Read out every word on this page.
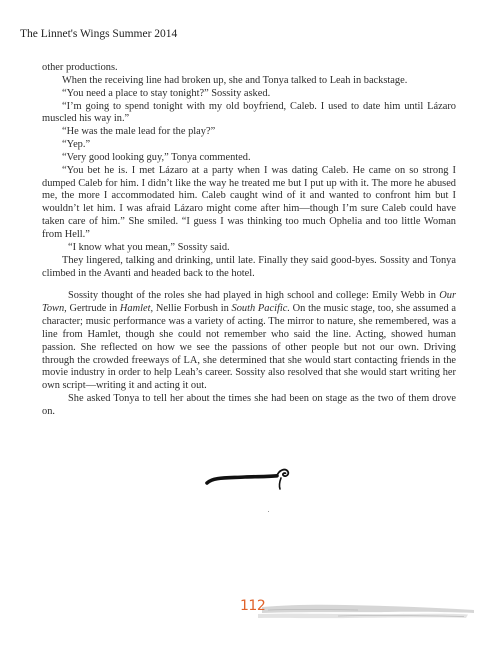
The Linnet's Wings Summer 2014

other productions.

When the receiving line had broken up, she and Tonya talked to Leah in backstage.

“You need a place to stay tonight?” Sossity asked.

“I’m going to spend tonight with my old boyfriend, Caleb. I used to date him until Lázaro muscled his way in.”

“He was the male lead for the play?”

“Yep.”

“Very good looking guy,” Tonya commented.

“You bet he is. I met Lázaro at a party when I was dating Caleb. He came on so strong I dumped Caleb for him. I didn’t like the way he treated me but I put up with it. The more he abused me, the more I accommodated him. Caleb caught wind of it and wanted to confront him but I wouldn’t let him. I was afraid Lázaro might come after him—though I’m sure Caleb could have taken care of him.” She smiled. “I guess I was thinking too much Ophelia and too little Woman from Hell.”

“I know what you mean,” Sossity said.

They lingered, talking and drinking, until late. Finally they said good-byes. Sossity and Tonya climbed in the Avanti and headed back to the hotel.

Sossity thought of the roles she had played in high school and college: Emily Webb in Our Town, Gertrude in Hamlet, Nellie Forbush in South Pacific. On the music stage, too, she assumed a character; music performance was a variety of acting. The mirror to nature, she remembered, was a line from Hamlet, though she could not remember who said the line. Acting, showed human passion. She reflected on how we see the passions of other people but not our own. Driving through the crowded freeways of LA, she determined that she would start contacting friends in the movie industry in order to help Leah’s career. Sossity also resolved that she would start writing her own script—writing it and acting it out.

She asked Tonya to tell her about the times she had been on stage as the two of them drove on.

112
